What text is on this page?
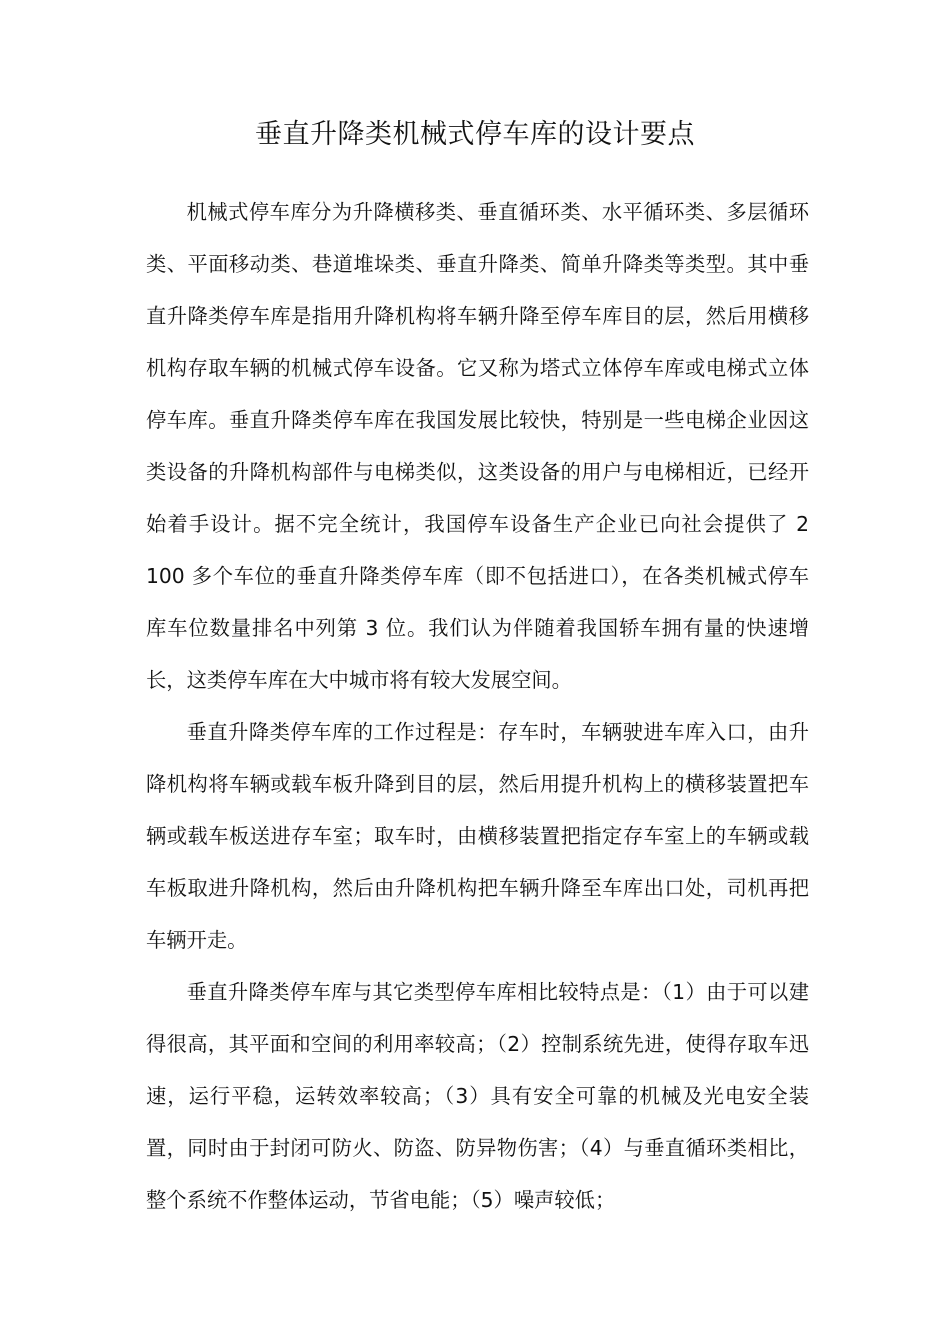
垂直升降类机械式停车库的设计要点

机械式停车库分为升降横移类、垂直循环类、水平循环类、多层循环类、平面移动类、巷道堆垛类、垂直升降类、简单升降类等类型。其中垂直升降类停车库是指用升降机构将车辆升降至停车库目的层，然后用横移机构存取车辆的机械式停车设备。它又称为塔式立体停车库或电梯式立体停车库。垂直升降类停车库在我国发展比较快，特别是一些电梯企业因这类设备的升降机构部件与电梯类似，这类设备的用户与电梯相近，已经开始着手设计。据不完全统计，我国停车设备生产企业已向社会提供了 2 100 多个车位的垂直升降类停车库（即不包括进口），在各类机械式停车库车位数量排名中列第 3 位。我们认为伴随着我国轿车拥有量的快速增长，这类停车库在大中城市将有较大发展空间。

垂直升降类停车库的工作过程是：存车时，车辆驶进车库入口，由升降机构将车辆或载车板升降到目的层，然后用提升机构上的横移装置把车辆或载车板送进存车室；取车时，由横移装置把指定存车室上的车辆或载车板取进升降机构，然后由升降机构把车辆升降至车库出口处，司机再把车辆开走。

垂直升降类停车库与其它类型停车库相比较特点是：（1）由于可以建得很高，其平面和空间的利用率较高；（2）控制系统先进，使得存取车迅速，运行平稳，运转效率较高；（3）具有安全可靠的机械及光电安全装置，同时由于封闭可防火、防盗、防异物伤害；（4）与垂直循环类相比，整个系统不作整体运动，节省电能；（5）噪声较低；
